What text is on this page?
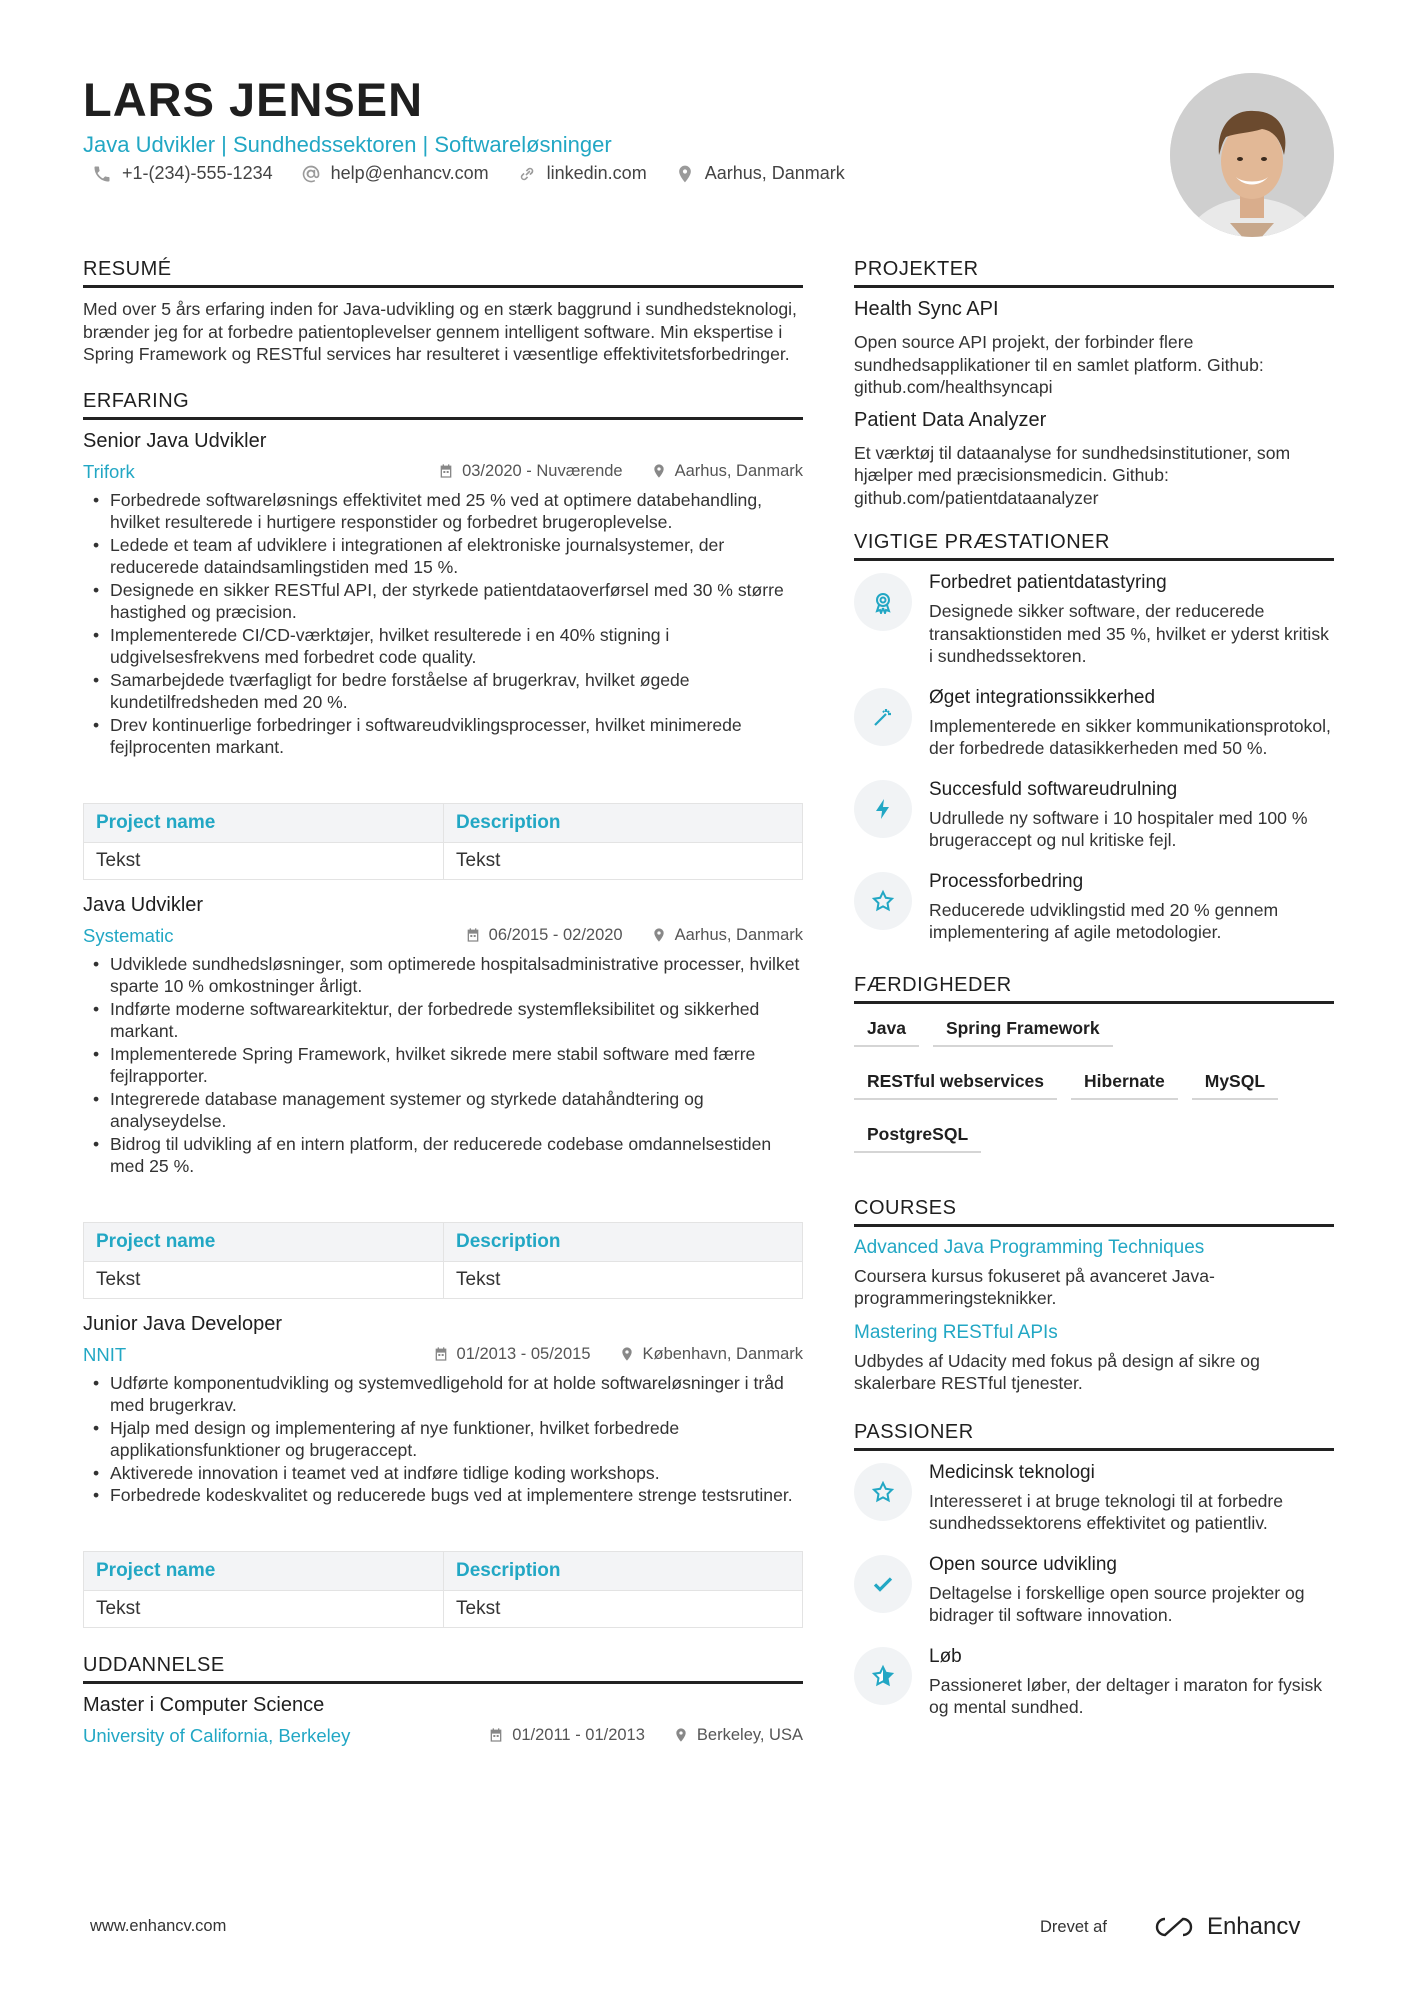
LARS JENSEN
Java Udvikler | Sundhedssektoren | Softwareløsninger
+1-(234)-555-1234	help@enhancv.com	linkedin.com	Aarhus, Danmark
RESUMÉ
Med over 5 års erfaring inden for Java-udvikling og en stærk baggrund i sundhedsteknologi, brænder jeg for at forbedre patientoplevelser gennem intelligent software. Min ekspertise i Spring Framework og RESTful services har resulteret i væsentlige effektivitetsforbedringer.
ERFARING
Senior Java Udvikler
Trifork	03/2020 - Nuværende	Aarhus, Danmark
• Forbedrede softwareløsnings effektivitet med 25 % ved at optimere databehandling, hvilket resulterede i hurtigere responstider og forbedret brugeroplevelse.
• Ledede et team af udviklere i integrationen af elektroniske journalsystemer, der reducerede dataindsamlingstiden med 15 %.
• Designede en sikker RESTful API, der styrkede patientdataoverførsel med 30 % større hastighed og præcision.
• Implementerede CI/CD-værktøjer, hvilket resulterede i en 40% stigning i udgivelsesfrekvens med forbedret code quality.
• Samarbejdede tværfagligt for bedre forståelse af brugerkrav, hvilket øgede kundetilfredsheden med 20 %.
• Drev kontinuerlige forbedringer i softwareudviklingsprocesser, hvilket minimerede fejlprocenten markant.
Project name	Description
Tekst	Tekst
Java Udvikler
Systematic	06/2015 - 02/2020	Aarhus, Danmark
• Udviklede sundhedsløsninger, som optimerede hospitalsadministrative processer, hvilket sparte 10 % omkostninger årligt.
• Indførte moderne softwarearkitektur, der forbedrede systemfleksibilitet og sikkerhed markant.
• Implementerede Spring Framework, hvilket sikrede mere stabil software med færre fejlrapporter.
• Integrerede database management systemer og styrkede datahåndtering og analyseydelse.
• Bidrog til udvikling af en intern platform, der reducerede codebase omdannelsestiden med 25 %.
Project name	Description
Tekst	Tekst
Junior Java Developer
NNIT	01/2013 - 05/2015	København, Danmark
• Udførte komponentudvikling og systemvedligehold for at holde softwareløsninger i tråd med brugerkrav.
• Hjalp med design og implementering af nye funktioner, hvilket forbedrede applikationsfunktioner og brugeraccept.
• Aktiverede innovation i teamet ved at indføre tidlige koding workshops.
• Forbedrede kodeskvalitet og reducerede bugs ved at implementere strenge testsrutiner.
Project name	Description
Tekst	Tekst
UDDANNELSE
Master i Computer Science
University of California, Berkeley	01/2011 - 01/2013	Berkeley, USA
PROJEKTER
Health Sync API
Open source API projekt, der forbinder flere sundhedsapplikationer til en samlet platform. Github: github.com/healthsyncapi
Patient Data Analyzer
Et værktøj til dataanalyse for sundhedsinstitutioner, som hjælper med præcisionsmedicin. Github: github.com/patientdataanalyzer
VIGTIGE PRÆSTATIONER
Forbedret patientdatastyring
Designede sikker software, der reducerede transaktionstiden med 35 %, hvilket er yderst kritisk i sundhedssektoren.
Øget integrationssikkerhed
Implementerede en sikker kommunikationsprotokol, der forbedrede datasikkerheden med 50 %.
Succesfuld softwareudrulning
Udrullede ny software i 10 hospitaler med 100 % brugeraccept og nul kritiske fejl.
Processforbedring
Reducerede udviklingstid med 20 % gennem implementering af agile metodologier.
FÆRDIGHEDER
Java	Spring Framework
RESTful webservices	Hibernate	MySQL
PostgreSQL
COURSES
Advanced Java Programming Techniques
Coursera kursus fokuseret på avanceret Java-programmeringsteknikker.
Mastering RESTful APIs
Udbydes af Udacity med fokus på design af sikre og skalerbare RESTful tjenester.
PASSIONER
Medicinsk teknologi
Interesseret i at bruge teknologi til at forbedre sundhedssektorens effektivitet og patientliv.
Open source udvikling
Deltagelse i forskellige open source projekter og bidrager til software innovation.
Løb
Passioneret løber, der deltager i maraton for fysisk og mental sundhed.
www.enhancv.com	Drevet af	Enhancv
